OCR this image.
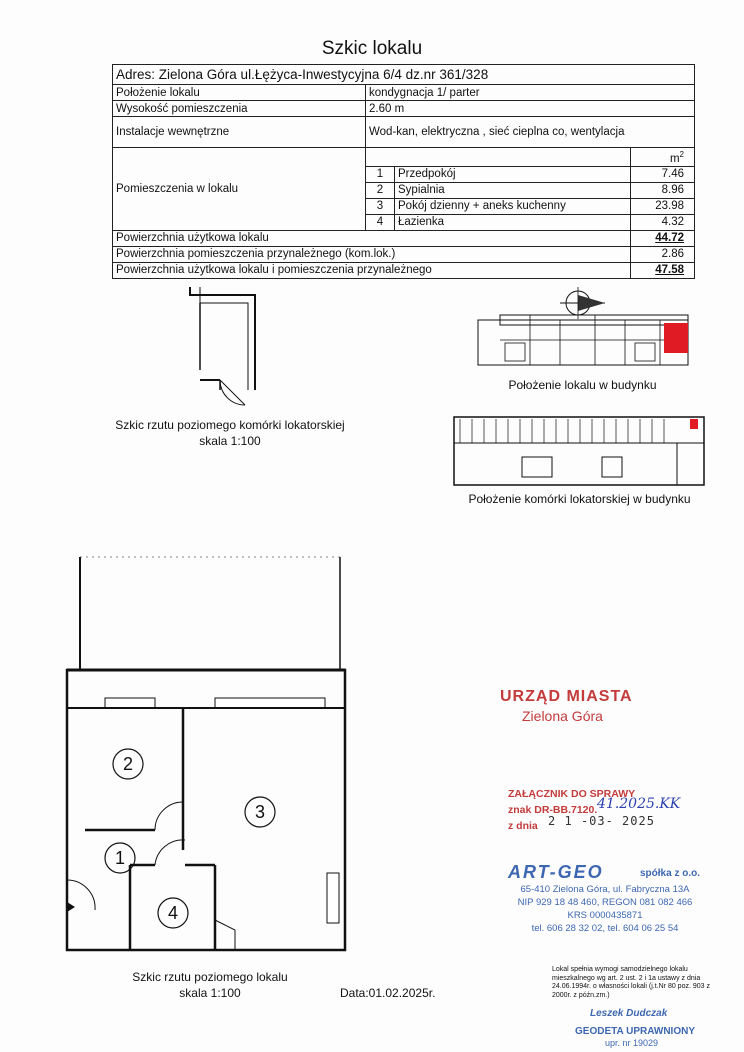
Szkic lokalu
Adres: Zielona Góra ul.Łężyca-Inwestycyjna 6/4 dz.nr 361/328			
Położenie lokalu	kondygnacja 1/ parter		
Wysokość pomieszczenia	2.60 m		
Instalacje wewnętrzne	Wod-kan, elektryczna , sieć cieplna co, wentylacja		
Pomieszczenia w lokalu			$m^2$
	1	Przedpokój	7.46
	2	Sypialnia	8.96
	3	Pokój dzienny + aneks kuchenny	23.98
	4	Łazienka	4.32
Powierzchnia użytkowa lokalu			44.72
Powierzchnia pomieszczenia przynależnego (kom.lok.)			2.86
Powierzchnia użytkowa lokalu i pomieszczenia przynależnego			47.58
Szkic rzutu poziomego komórki lokatorskiej
skala 1:100
Położenie lokalu w budynku
Położenie komórki lokatorskiej w budynku
2
3
1
4
Szkic rzutu poziomego lokalu
skala 1:100	Data:01.02.2025r.
URZĄD MIASTA
Zielona Góra
ZAŁĄCZNIK DO SPRAWY
znak DR-BB.7120. 41.2025.KK
z dnia 2 1 -03- 2025
ART-GEO	spółka z o.o.
65-410 Zielona Góra, ul. Fabryczna 13A
NIP 929 18 48 460, REGON 081 082 466
KRS 0000435871
tel. 606 28 32 02, tel. 604 06 25 54
Lokal spełnia wymogi samodzielnego lokalu mieszkalnego wg art. 2 ust. 2 i 1a ustawy z dnia 24.06.1994r. o własności lokali (j.t.Nr 80 poz. 903 z 2000r. z późn.zm.)
Leszek Dudczak
GEODETA UPRAWNIONY
upr. nr 19029
